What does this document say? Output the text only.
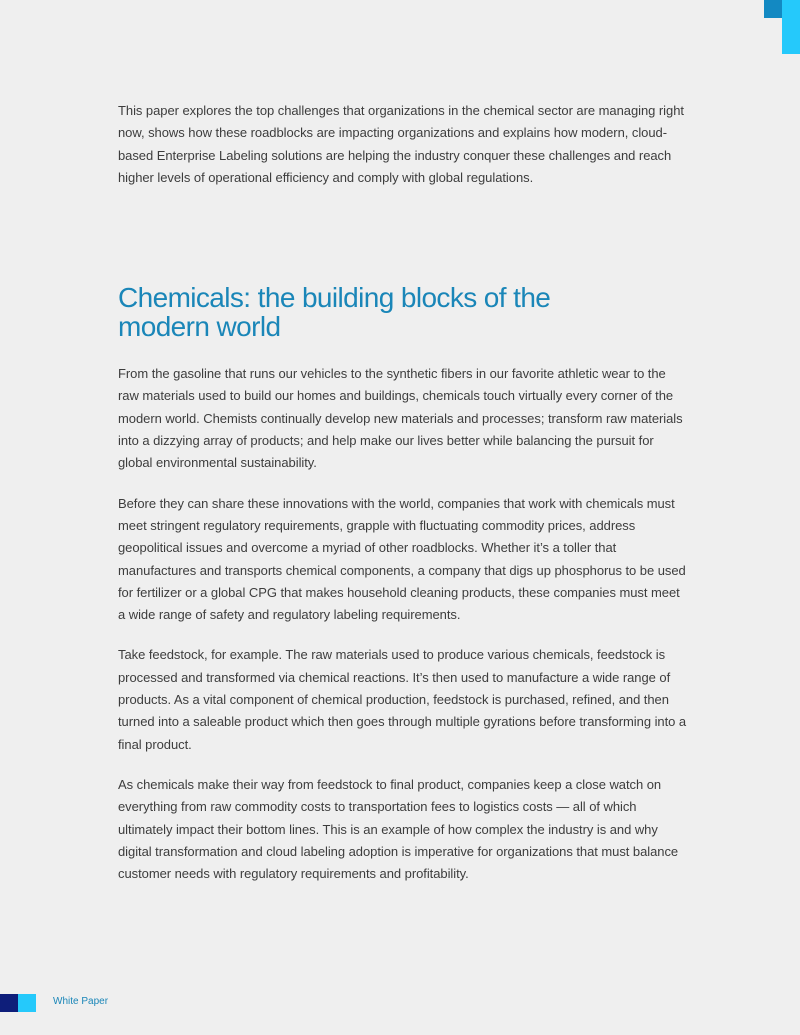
This paper explores the top challenges that organizations in the chemical sector are managing right now, shows how these roadblocks are impacting organizations and explains how modern, cloud-based Enterprise Labeling solutions are helping the industry conquer these challenges and reach higher levels of operational efficiency and comply with global regulations.

Chemicals: the building blocks of the modern world

From the gasoline that runs our vehicles to the synthetic fibers in our favorite athletic wear to the raw materials used to build our homes and buildings, chemicals touch virtually every corner of the modern world. Chemists continually develop new materials and processes; transform raw materials into a dizzying array of products; and help make our lives better while balancing the pursuit for global environmental sustainability.

Before they can share these innovations with the world, companies that work with chemicals must meet stringent regulatory requirements, grapple with fluctuating commodity prices, address geopolitical issues and overcome a myriad of other roadblocks. Whether it’s a toller that manufactures and transports chemical components, a company that digs up phosphorus to be used for fertilizer or a global CPG that makes household cleaning products, these companies must meet a wide range of safety and regulatory labeling requirements.

Take feedstock, for example. The raw materials used to produce various chemicals, feedstock is processed and transformed via chemical reactions. It’s then used to manufacture a wide range of products. As a vital component of chemical production, feedstock is purchased, refined, and then turned into a saleable product which then goes through multiple gyrations before transforming into a final product.

As chemicals make their way from feedstock to final product, companies keep a close watch on everything from raw commodity costs to transportation fees to logistics costs — all of which ultimately impact their bottom lines. This is an example of how complex the industry is and why digital transformation and cloud labeling adoption is imperative for organizations that must balance customer needs with regulatory requirements and profitability.

White Paper
